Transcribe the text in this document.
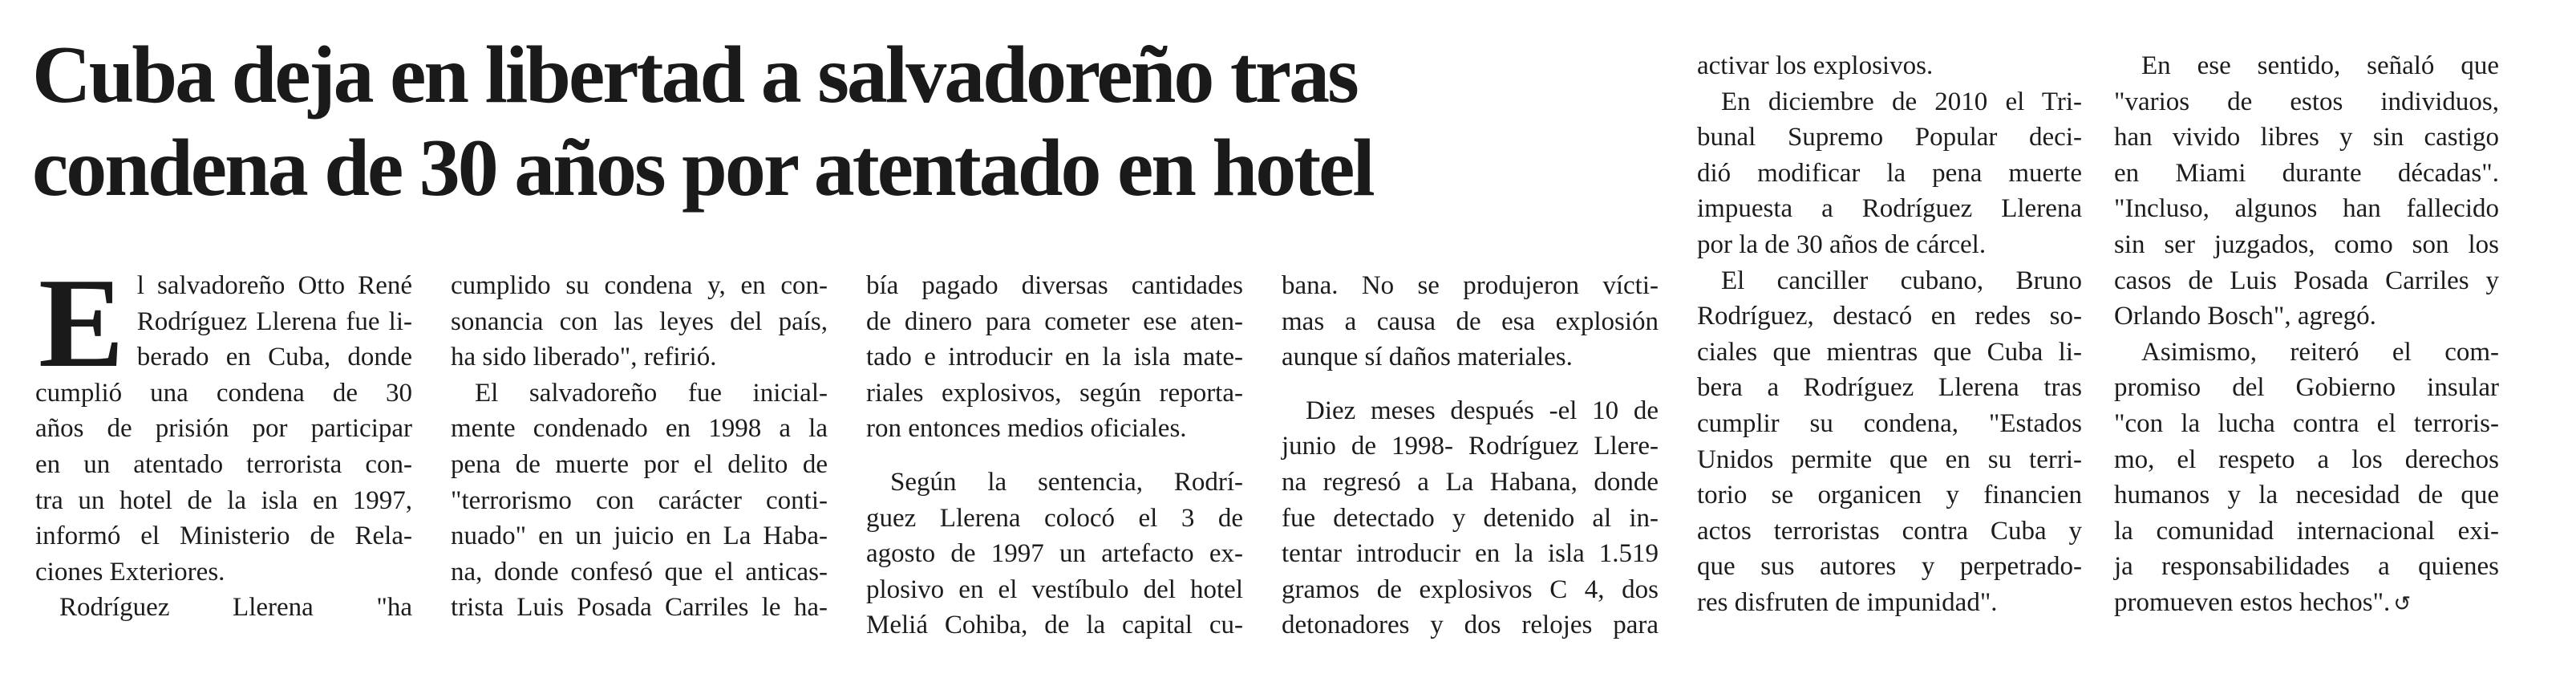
Cuba deja en libertad a salvadoreño tras
condena de 30 años por atentado en hotel

E l salvadoreño Otto René
Rodríguez Llerena fue li-
berado en Cuba, donde
cumplió una condena de 30
años de prisión por participar
en un atentado terrorista con-
tra un hotel de la isla en 1997,
informó el Ministerio de Rela-
ciones Exteriores.

Rodríguez Llerena "ha

cumplido su condena y, en con-
sonancia con las leyes del país,
ha sido liberado", refirió.

El salvadoreño fue inicial-
mente condenado en 1998 a la
pena de muerte por el delito de
"terrorismo con carácter conti-
nuado" en un juicio en La Haba-
na, donde confesó que el anticas-
trista Luis Posada Carriles le ha-

bía pagado diversas cantidades
de dinero para cometer ese aten-
tado e introducir en la isla mate-
riales explosivos, según reporta-
ron entonces medios oficiales.

Según la sentencia, Rodrí-
guez Llerena colocó el 3 de
agosto de 1997 un artefacto ex-
plosivo en el vestíbulo del hotel
Meliá Cohiba, de la capital cu-

bana. No se produjeron vícti-
mas a causa de esa explosión
aunque sí daños materiales.

Diez meses después -el 10 de
junio de 1998- Rodríguez Llere-
na regresó a La Habana, donde
fue detectado y detenido al in-
tentar introducir en la isla 1.519
gramos de explosivos C 4, dos
detonadores y dos relojes para

activar los explosivos.

En diciembre de 2010 el Tri-
bunal Supremo Popular deci-
dió modificar la pena muerte
impuesta a Rodríguez Llerena
por la de 30 años de cárcel.

El canciller cubano, Bruno
Rodríguez, destacó en redes so-
ciales que mientras que Cuba li-
bera a Rodríguez Llerena tras
cumplir su condena, "Estados
Unidos permite que en su terri-
torio se organicen y financien
actos terroristas contra Cuba y
que sus autores y perpetrado-
res disfruten de impunidad".

En ese sentido, señaló que
"varios de estos individuos,
han vivido libres y sin castigo
en Miami durante décadas".
"Incluso, algunos han fallecido
sin ser juzgados, como son los
casos de Luis Posada Carriles y
Orlando Bosch", agregó.

Asimismo, reiteró el com-
promiso del Gobierno insular
"con la lucha contra el terroris-
mo, el respeto a los derechos
humanos y la necesidad de que
la comunidad internacional exi-
ja responsabilidades a quienes
promueven estos hechos". ↺
